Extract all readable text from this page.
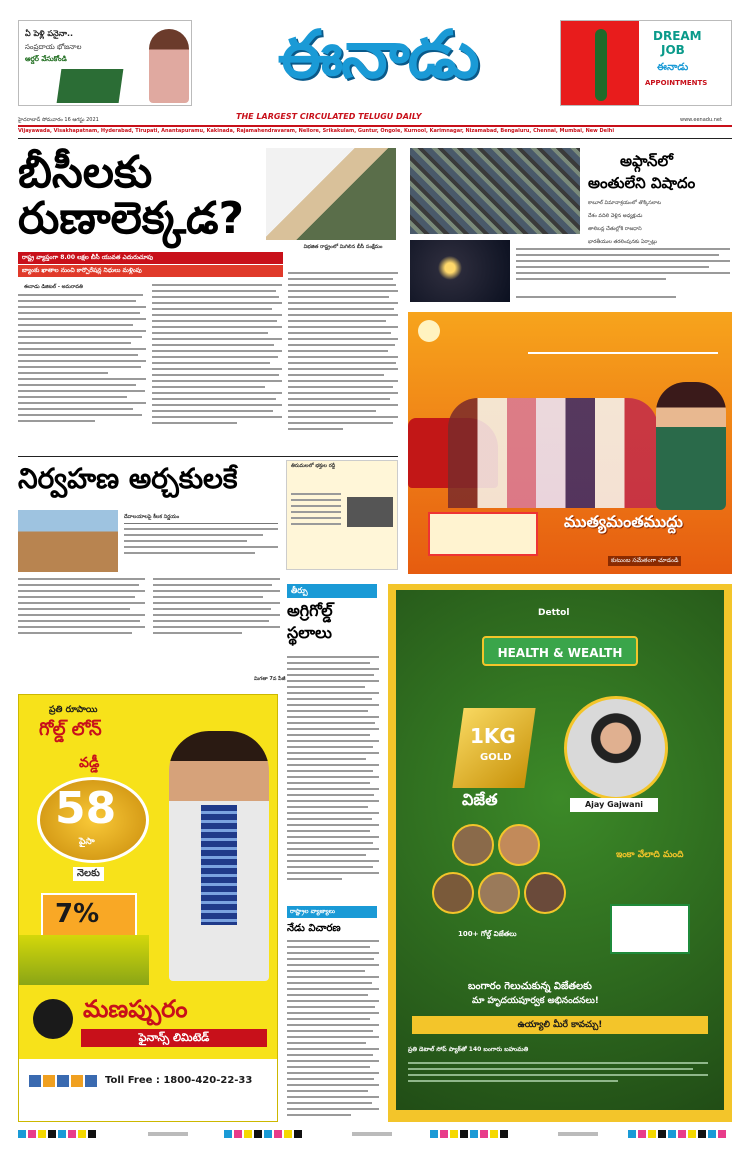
ఏ పెళ్లి పనైనా..
సంప్రదాయ భోజనాల
ఆర్డర్‌ వేసుకోండి	ఈనాడు
THE LARGEST CIRCULATED TELUGU DAILY
DREAM
JOB
ఈనాడు
APPOINTMENTS
హైదరాబాద్ సోమవారం 16 ఆగస్టు 2021	www.eenadu.net
Vijayawada, Visakhapatnam, Hyderabad, Tirupati, Anantapuramu, Kakinada, Rajamahendravaram, Nellore, Srikakulam, Guntur, Ongole, Kurnool, Karimnagar, Nizamabad, Bengaluru, Chennai, Mumbai, New Delhi
బీసీలకు రుణాలెక్కడ?
విభజిత రాష్ట్రంలో మిగిలిన బీసీ సంక్షేమం
రాష్ట్ర వ్యాప్తంగా 8.00 లక్షల బీసీ యువత ఎదురుచూపు
బ్యాంకు ఖాతాల నుంచి కార్పొరేషన్ల నిధులు మళ్లింపు
ఈనాడు డిజిటల్ - అమరావతి
అఫ్గాన్‌లో
అంతులేని విషాదం
కాబూల్ విమానాశ్రయంలో తొక్కిసలాట
దేశం వదిలి వెళ్లిన అధ్యక్షుడు
తాలిబన్ల చేతుల్లోకి రాజధాని
భారతీయుల తరలింపునకు ఏర్పాట్లు
ముత్యమంతముద్దు
కుటుంబ సమేతంగా చూడండి
నిర్వహణ అర్చకులకే	తిరుమలలో భక్తుల రద్దీ
దేవాలయాలపై కీలక నిర్ణయం
మిగతా 7వ పేజీ
తీర్పు
అగ్రిగోల్డ్ స్థలాలు
రాష్ట్రాల వ్యాజ్యాలు
నేడు విచారణ
ప్రతి రూపాయి
గోల్డ్ లోన్
వడ్డీ
58
పైసా
నెలకు
7%
మణప్పురం
ఫైనాన్స్ లిమిటెడ్
Toll Free : 1800-420-22-33
Dettol
HEALTH & WEALTH
1KG
GOLD
విజేత	Ajay Gajwani
100+ గోల్డ్ విజేతలు
ఇంకా వేలాది మంది
బంగారం గెలుచుకున్న విజేతలకు
మా హృదయపూర్వక అభినందనలు!
ఉయ్యాలి మీరే కావచ్చు!
ప్రతి డెటాల్ సోప్ ప్యాక్‌తో 140 బంగారు బహుమతి
